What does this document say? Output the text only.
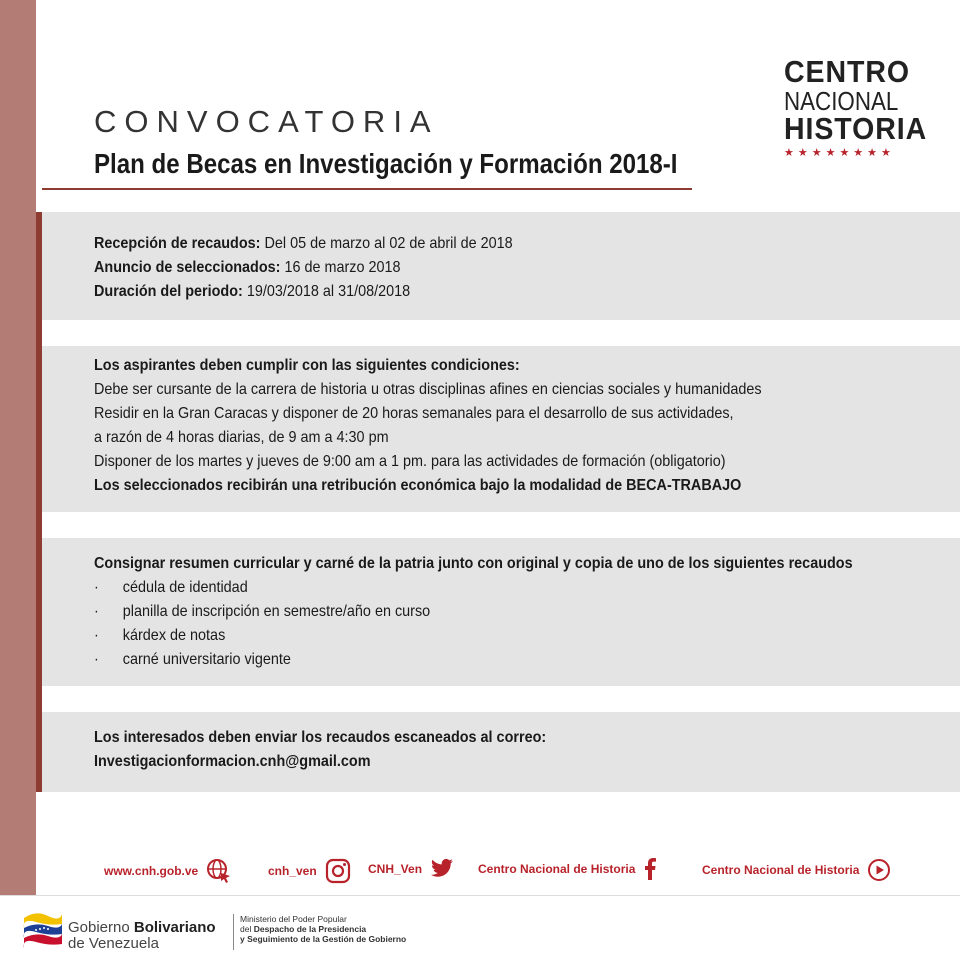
CENTRO
NACIONAL
HISTORIA
★★★★★★★★
CONVOCATORIA
Plan de Becas en Investigación y Formación 2018-I
Recepción de recaudos: Del 05 de marzo al 02 de abril de 2018
Anuncio de seleccionados: 16 de marzo 2018
Duración del periodo: 19/03/2018 al 31/08/2018
Los aspirantes deben cumplir con las siguientes condiciones:
Debe ser cursante de la carrera de historia u otras disciplinas afines en ciencias sociales y humanidades
Residir en la Gran Caracas y disponer de 20 horas semanales para el desarrollo de sus actividades,
a razón de 4 horas diarias, de 9 am a 4:30 pm
Disponer de los martes y jueves de 9:00 am a 1 pm. para las actividades de formación (obligatorio)
Los seleccionados recibirán una retribución económica bajo la modalidad de BECA-TRABAJO
Consignar resumen curricular y carné de la patria junto con original y copia de uno de los siguientes recaudos
·	cédula de identidad
·	planilla de inscripción en semestre/año en curso
·	kárdex de notas
·	carné universitario vigente
Los interesados deben enviar los recaudos escaneados al correo:
Investigacionformacion.cnh@gmail.com
www.cnh.gob.ve	cnh_ven	CNH_Ven	Centro Nacional de Historia	Centro Nacional de Historia
Gobierno Bolivariano
de Venezuela
Ministerio del Poder Popular
del Despacho de la Presidencia
y Seguimiento de la Gestión de Gobierno
